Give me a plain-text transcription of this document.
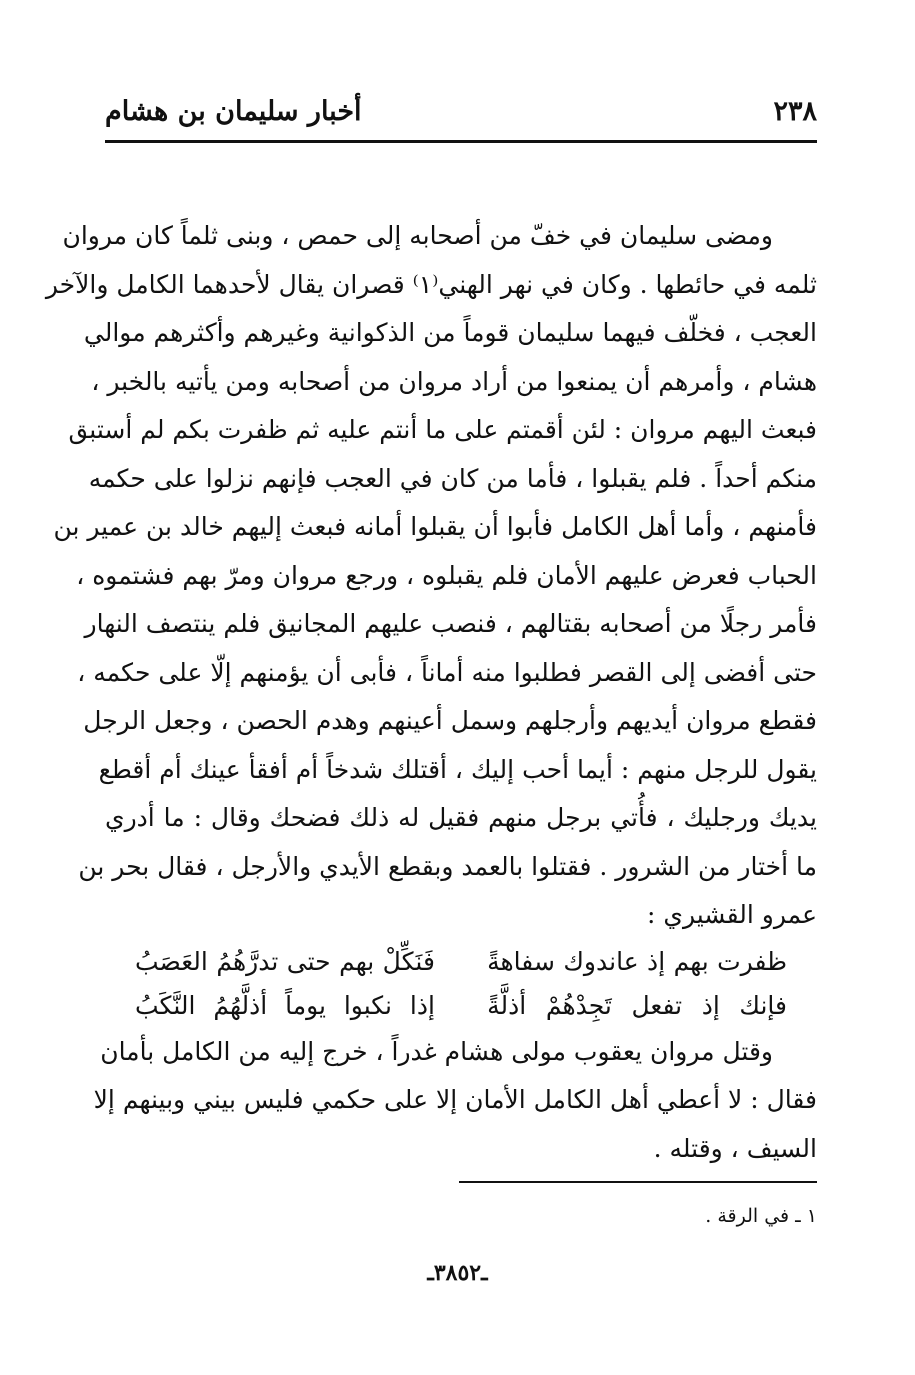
٢٣٨
أخبار سليمان بن هشام
ومضى سليمان في خفّ من أصحابه إلى حمص ، وبنى ثلماً كان مروان
ثلمه في حائطها . وكان في نهر الهني⁽١⁾ قصران يقال لأحدهما الكامل والآخر
العجب ، فخلّف فيهما سليمان قوماً من الذكوانية وغيرهم وأكثرهم موالي
هشام ، وأمرهم أن يمنعوا من أراد مروان من أصحابه ومن يأتيه بالخبر ،
فبعث اليهم مروان : لئن أقمتم على ما أنتم عليه ثم ظفرت بكم لم أستبق
منكم أحداً . فلم يقبلوا ، فأما من كان في العجب فإنهم نزلوا على حكمه
فأمنهم ، وأما أهل الكامل فأبوا أن يقبلوا أمانه فبعث إليهم خالد بن عمير بن
الحباب فعرض عليهم الأمان فلم يقبلوه ، ورجع مروان ومرّ بهم فشتموه ،
فأمر رجلًا من أصحابه بقتالهم ، فنصب عليهم المجانيق فلم ينتصف النهار
حتى أفضى إلى القصر فطلبوا منه أماناً ، فأبى أن يؤمنهم إلّا على حكمه ،
فقطع مروان أيديهم وأرجلهم وسمل أعينهم وهدم الحصن ، وجعل الرجل
يقول للرجل منهم : أيما أحب إليك ، أقتلك شدخاً أم أفقأ عينك أم أقطع
يديك ورجليك ، فأُتي برجل منهم فقيل له ذلك فضحك وقال : ما أدري
ما أختار من الشرور . فقتلوا بالعمد وبقطع الأيدي والأرجل ، فقال بحر بن
عمرو القشيري :
ظفرت بهم إذ عاندوك سفاهةً
فَنَكِّلْ بهم حتى تدرَّهُمُ العَصَبُ
فإنك إذ تفعل تَجِدْهُمْ أذلَّةً
إذا نكبوا يوماً أذلَّهُمُ النَّكَبُ
وقتل مروان يعقوب مولى هشام غدراً ، خرج إليه من الكامل بأمان
فقال : لا أعطي أهل الكامل الأمان إلا على حكمي فليس بيني وبينهم إلا
السيف ، وقتله .
١ ـ في الرقة .
ـ٣٨٥٢ـ
